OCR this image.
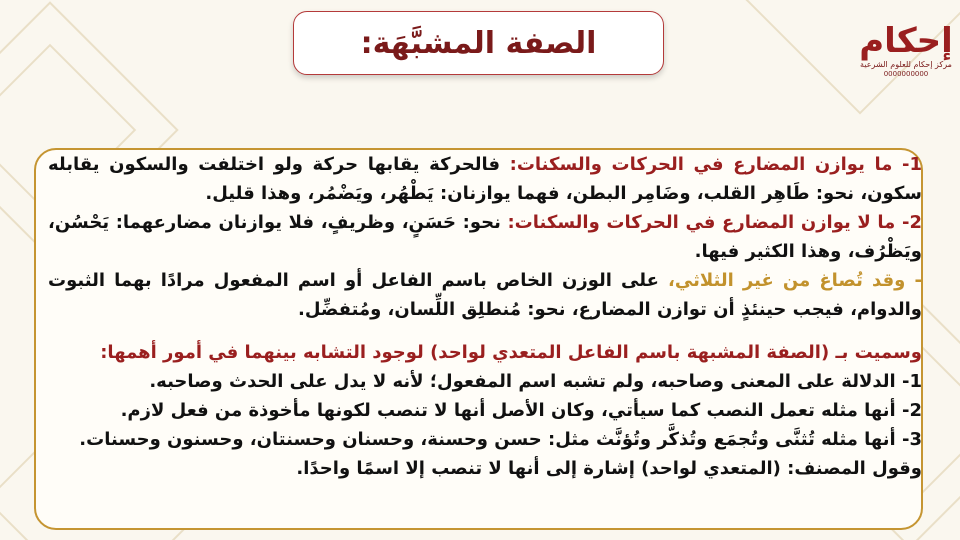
الصفة المشبَّهَة:	إحكام
مركز إحكام للعلوم الشرعية
0000000000

1- ما يوازن المضارع في الحركات والسكنات: فالحركة يقابها حركة ولو اختلفت والسكون يقابله سكون، نحو: طَاهِر القلب، وضَامِر البطن، فهما يوازنان: يَطْهُر، ويَضْمُر، وهذا قليل.

2- ما لا يوازن المضارع في الحركات والسكنات: نحو: حَسَنٍ، وظريفٍ، فلا يوازنان مضارعهما: يَحْسُن، ويَظْرُف، وهذا الكثير فيها.

- وقد تُصاغ من غير الثلاثي، على الوزن الخاص باسم الفاعل أو اسم المفعول مرادًا بهما الثبوت والدوام، فيجب حينئذٍ أن توازن المضارع، نحو: مُنطلِق اللِّسان، ومُتفضِّل.

وسميت بـ (الصفة المشبهة باسم الفاعل المتعدي لواحد) لوجود التشابه بينهما في أمور أهمها:

1- الدلالة على المعنى وصاحبه، ولم تشبه اسم المفعول؛ لأنه لا يدل على الحدث وصاحبه.

2- أنها مثله تعمل النصب كما سيأتي، وكان الأصل أنها لا تنصب لكونها مأخوذة من فعل لازم.

3- أنها مثله تُثنَّى وتُجمَع وتُذكَّر وتُؤنَّث مثل: حسن وحسنة، وحسنان وحسنتان، وحسنون وحسنات.

وقول المصنف: (المتعدي لواحد) إشارة إلى أنها لا تنصب إلا اسمًا واحدًا.
